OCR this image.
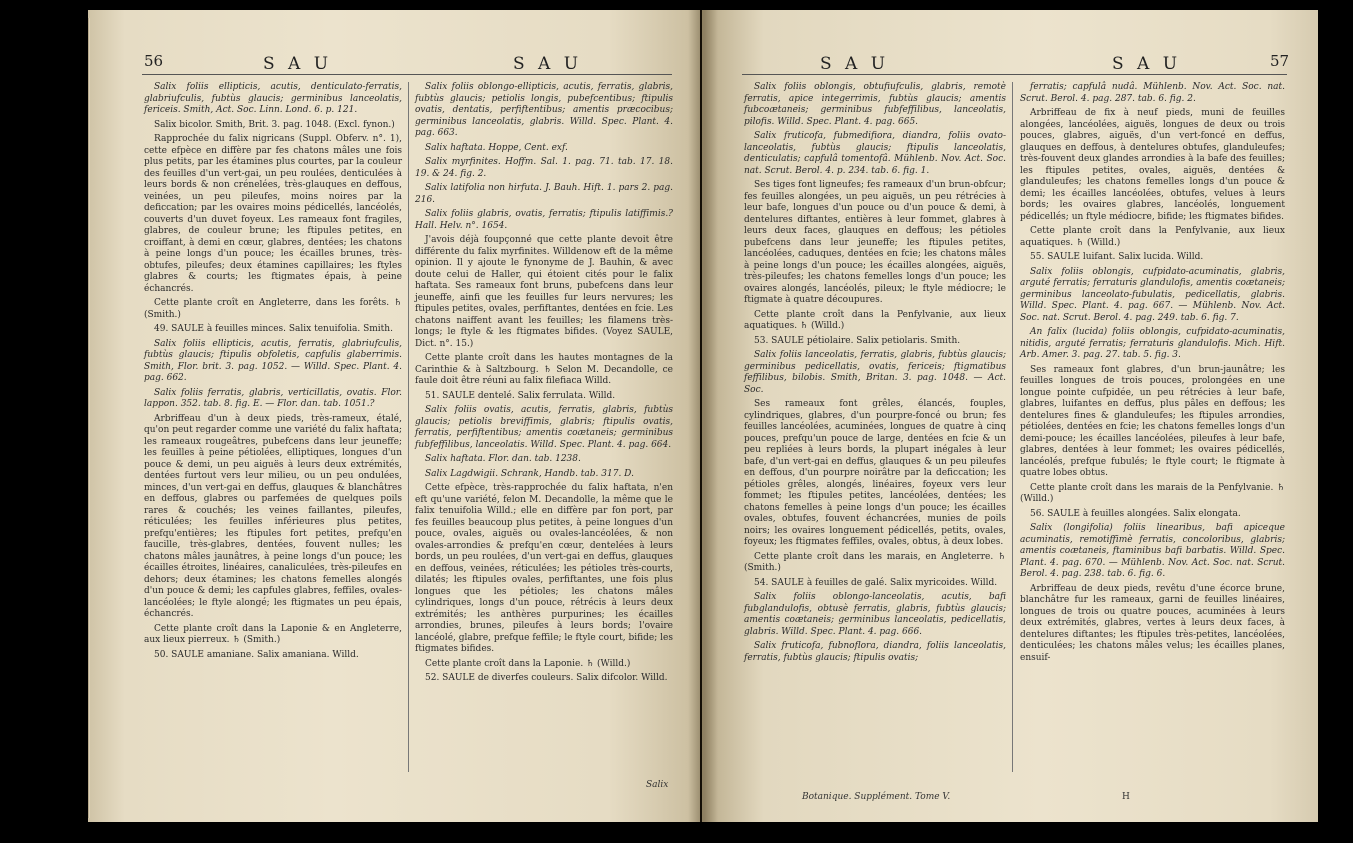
56	S A U	S A U

Salix foliis ellipticis, acutis, denticulato-ferratis, glabriufculis, fubtùs glaucis; germinibus lanceolatis, fericeis. Smith, Act. Soc. Linn. Lond. 6. p. 121.

Salix bicolor. Smith, Brit. 3. pag. 1048. (Excl. fynon.)

Rapprochée du falix nigricans (Suppl. Obferv. n°. 1), cette efpèce en diffère par fes chatons mâles une fois plus petits, par les étamines plus courtes, par la couleur des feuilles d'un vert-gai, un peu roulées, denticulées à leurs bords & non crénelées, très-glauques en deffous, veinées, un peu pileufes, moins noires par la deficcation; par les ovaires moins pédicellés, lancéolés, couverts d'un duvet foyeux. Les rameaux font fragiles, glabres, de couleur brune; les ftipules petites, en croiffant, à demi en cœur, glabres, dentées; les chatons à peine longs d'un pouce; les écailles brunes, très-obtufes, pileufes; deux étamines capillaires; les ftyles glabres & courts; les ftigmates épais, à peine échancrés.

Cette plante croît en Angleterre, dans les forêts. ♄ (Smith.)

49. SAULE à feuilles minces. Salix tenuifolia. Smith.

Salix foliis ellipticis, acutis, ferratis, glabriufculis, fubtùs glaucis; ftipulis obfoletis, capfulis glaberrimis. Smith, Flor. brit. 3. pag. 1052. — Willd. Spec. Plant. 4. pag. 662.

Salix foliis ferratis, glabris, verticillatis, ovatis. Flor. lappon. 352. tab. 8. fig. E. — Flor. dan. tab. 1051.?

Arbriffeau d'un à deux pieds, très-rameux, étalé, qu'on peut regarder comme une variété du falix haftata; les rameaux rougeâtres, pubefcens dans leur jeuneffe; les feuilles à peine pétiolées, elliptiques, longues d'un pouce & demi, un peu aiguës à leurs deux extrémités, dentées furtout vers leur milieu, ou un peu ondulées, minces, d'un vert-gai en deffus, glauques & blanchâtres en deffous, glabres ou parfemées de quelques poils rares & couchés; les veines faillantes, pileufes, réticulées; les feuilles inférieures plus petites, prefqu'entières; les ftipules fort petites, prefqu'en faucille, très-glabres, dentées, fouvent nulles; les chatons mâles jaunâtres, à peine longs d'un pouce; les écailles étroites, linéaires, canaliculées, très-pileufes en dehors; deux étamines; les chatons femelles alongés d'un pouce & demi; les capfules glabres, feffiles, ovales-lancéolées; le ftyle alongé; les ftigmates un peu épais, échancrés.

Cette plante croît dans la Laponie & en Angleterre, aux lieux pierreux. ♄ (Smith.)

50. SAULE amaniane. Salix amaniana. Willd.

Salix foliis oblongo-ellipticis, acutis, ferratis, glabris, fubtùs glaucis; petiolis longis, pubefcentibus; ftipulis ovatis, dentatis, perfiftentibus; amentis præcocibus; germinibus lanceolatis, glabris. Willd. Spec. Plant. 4. pag. 663.

Salix haftata. Hoppe, Cent. exf.

Salix myrfinites. Hoffm. Sal. 1. pag. 71. tab. 17. 18. 19. & 24. fig. 2.

Salix latifolia non hirfuta. J. Bauh. Hift. 1. pars 2. pag. 216.

Salix foliis glabris, ovatis, ferratis; ftipulis latiffimis.? Hall. Helv. n°. 1654.

J'avois déjà foupçonné que cette plante devoit être différente du falix myrfinites. Willdenow eft de la même opinion. Il y ajoute le fynonyme de J. Bauhin, & avec doute celui de Haller, qui étoient cités pour le falix haftata. Ses rameaux font bruns, pubefcens dans leur jeuneffe, ainfi que les feuilles fur leurs nervures; les ftipules petites, ovales, perfiftantes, dentées en fcie. Les chatons naiffent avant les feuilles; les filamens très-longs; le ftyle & les ftigmates bifides. (Voyez SAULE, Dict. n°. 15.)

Cette plante croît dans les hautes montagnes de la Carinthie & à Saltzbourg. ♄ Selon M. Decandolle, ce faule doit être réuni au falix filefiaca Willd.

51. SAULE dentelé. Salix ferrulata. Willd.

Salix foliis ovatis, acutis, ferratis, glabris, fubtùs glaucis; petiolis breviffimis, glabris; ftipulis ovatis, ferratis, perfiftentibus; amentis coætaneis; germinibus fubfeffilibus, lanceolatis. Willd. Spec. Plant. 4. pag. 664.

Salix haftata. Flor. dan. tab. 1238.

Salix Lagdwigii. Schrank, Handb. tab. 317. D.

Cette efpèce, très-rapprochée du falix haftata, n'en eft qu'une variété, felon M. Decandolle, la même que le falix tenuifolia Willd.; elle en diffère par fon port, par fes feuilles beaucoup plus petites, à peine longues d'un pouce, ovales, aiguës ou ovales-lancéolées, & non ovales-arrondies & prefqu'en cœur, dentelées à leurs bords, un peu roulées, d'un vert-gai en deffus, glauques en deffous, veinées, réticulées; les pétioles très-courts, dilatés; les ftipules ovales, perfiftantes, une fois plus longues que les pétioles; les chatons mâles cylindriques, longs d'un pouce, rétrécis à leurs deux extrémités; les anthères purpurines; les écailles arrondies, brunes, pileufes à leurs bords; l'ovaire lancéolé, glabre, prefque feffile; le ftyle court, bifide; les ftigmates bifides.

Cette plante croît dans la Laponie. ♄ (Willd.)

52. SAULE de diverfes couleurs. Salix difcolor. Willd.

Salix
S A U	S A U	57

Salix foliis oblongis, obtufiufculis, glabris, remotè ferratis, apice integerrimis, fubtùs glaucis; amentis fubcoætaneis; germinibus fubfeffilibus, lanceolatis, pilofis. Willd. Spec. Plant. 4. pag. 665.

Salix fruticofa, fubmedifiora, diandra, foliis ovato-lanceolatis, fubtùs glaucis; ftipulis lanceolatis, denticulatis; capfulâ tomentofâ. Mühlenb. Nov. Act. Soc. nat. Scrut. Berol. 4. p. 234. tab. 6. fig. 1.

Ses tiges font ligneufes; fes rameaux d'un brun-obfcur; fes feuilles alongées, un peu aiguës, un peu rétrécies à leur bafe, longues d'un pouce ou d'un pouce & demi, à dentelures diftantes, entières à leur fommet, glabres à leurs deux faces, glauques en deffous; les pétioles pubefcens dans leur jeuneffe; les ftipules petites, lancéolées, caduques, dentées en fcie; les chatons mâles à peine longs d'un pouce; les écailles alongées, aiguës, très-pileufes; les chatons femelles longs d'un pouce; les ovaires alongés, lancéolés, pileux; le ftyle médiocre; le ftigmate à quatre découpures.

Cette plante croît dans la Penfylvanie, aux lieux aquatiques. ♄ (Willd.)

53. SAULE pétiolaire. Salix petiolaris. Smith.

Salix foliis lanceolatis, ferratis, glabris, fubtùs glaucis; germinibus pedicellatis, ovatis, fericeis; ftigmatibus feffilibus, bilobis. Smith, Britan. 3. pag. 1048. — Act. Soc.

Ses rameaux font grêles, élancés, fouples, cylindriques, glabres, d'un pourpre-foncé ou brun; fes feuilles lancéolées, acuminées, longues de quatre à cinq pouces, prefqu'un pouce de large, dentées en fcie & un peu repliées à leurs bords, la plupart inégales à leur bafe, d'un vert-gai en deffus, glauques & un peu pileufes en deffous, d'un pourpre noirâtre par la deficcation; les pétioles grêles, alongés, linéaires, foyeux vers leur fommet; les ftipules petites, lancéolées, dentées; les chatons femelles à peine longs d'un pouce; les écailles ovales, obtufes, fouvent échancrées, munies de poils noirs; les ovaires longuement pédicellés, petits, ovales, foyeux; les ftigmates feffiles, ovales, obtus, à deux lobes.

Cette plante croît dans les marais, en Angleterre. ♄ (Smith.)

54. SAULE à feuilles de galé. Salix myricoides. Willd.

Salix foliis oblongo-lanceolatis, acutis, bafi fubglandulofis, obtusè ferratis, glabris, fubtùs glaucis; amentis coætaneis; germinibus lanceolatis, pedicellatis, glabris. Willd. Spec. Plant. 4. pag. 666.

Salix fruticofa, fubnoflora, diandra, foliis lanceolatis, ferratis, fubtùs glaucis; ftipulis ovatis;

ferratis; capfulâ nudâ. Mühlenb. Nov. Act. Soc. nat. Scrut. Berol. 4. pag. 287. tab. 6. fig. 2.

Arbriffeau de fix à neuf pieds, muni de feuilles alongées, lancéolées, aiguës, longues de deux ou trois pouces, glabres, aiguës, d'un vert-foncé en deffus, glauques en deffous, à dentelures obtufes, glanduleufes; très-fouvent deux glandes arrondies à la bafe des feuilles; les ftipules petites, ovales, aiguës, dentées & glanduleufes; les chatons femelles longs d'un pouce & demi; les écailles lancéolées, obtufes, velues à leurs bords; les ovaires glabres, lancéolés, longuement pédicellés; un ftyle médiocre, bifide; les ftigmates bifides.

Cette plante croît dans la Penfylvanie, aux lieux aquatiques. ♄ (Willd.)

55. SAULE luifant. Salix lucida. Willd.

Salix foliis oblongis, cufpidato-acuminatis, glabris, arguté ferratis; ferraturis glandulofis, amentis coætaneis; germinibus lanceolato-fubulatis, pedicellatis, glabris. Willd. Spec. Plant. 4. pag. 667. — Mühlenb. Nov. Act. Soc. nat. Scrut. Berol. 4. pag. 249. tab. 6. fig. 7.

An falix (lucida) foliis oblongis, cufpidato-acuminatis, nitidis, arguté ferratis; ferraturis glandulofis. Mich. Hift. Arb. Amer. 3. pag. 27. tab. 5. fig. 3.

Ses rameaux font glabres, d'un brun-jaunâtre; les feuilles longues de trois pouces, prolongées en une longue pointe cufpidée, un peu rétrécies à leur bafe, glabres, luifantes en deffus, plus pâles en deffous; les dentelures fines & glanduleufes; les ftipules arrondies, pétiolées, dentées en fcie; les chatons femelles longs d'un demi-pouce; les écailles lancéolées, pileufes à leur bafe, glabres, dentées à leur fommet; les ovaires pédicellés, lancéolés, prefque fubulés; le ftyle court; le ftigmate à quatre lobes obtus.

Cette plante croît dans les marais de la Penfylvanie. ♄ (Willd.)

56. SAULE à feuilles alongées. Salix elongata.

Salix (longifolia) foliis linearibus, bafi apiceque acuminatis, remotiffimè ferratis, concoloribus, glabris; amentis coætaneis, ftaminibus bafi barbatis. Willd. Spec. Plant. 4. pag. 670. — Mühlenb. Nov. Act. Soc. nat. Scrut. Berol. 4. pag. 238. tab. 6. fig. 6.

Arbriffeau de deux pieds, revêtu d'une écorce brune, blanchâtre fur les rameaux, garni de feuilles linéaires, longues de trois ou quatre pouces, acuminées à leurs deux extrémités, glabres, vertes à leurs deux faces, à dentelures diftantes; les ftipules très-petites, lancéolées, denticulées; les chatons mâles velus; les écailles planes, ensuif-

Botanique. Supplément. Tome V.	H
